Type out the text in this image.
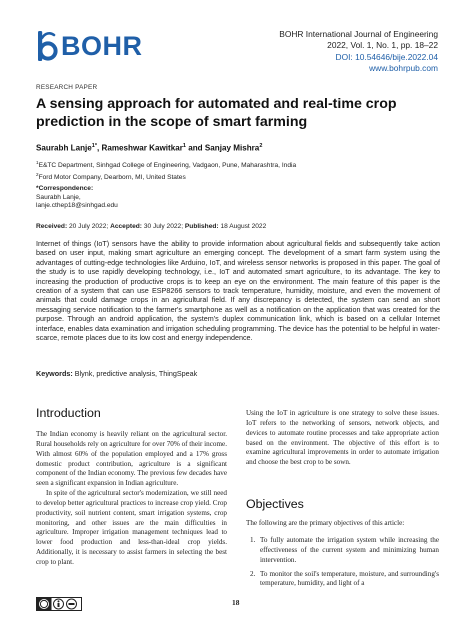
BOHR	BOHR International Journal of Engineering
2022, Vol. 1, No. 1, pp. 18–22
DOI: 10.54646/bije.2022.04
www.bohrpub.com
RESEARCH PAPER
A sensing approach for automated and real-time crop prediction in the scope of smart farming
Saurabh Lanje$^{1*}$, Rameshwar Kawitkar$^1$ and Sanjay Mishra$^2$
$^1$E&TC Department, Sinhgad College of Engineering, Vadgaon, Pune, Maharashtra, India
$^2$Ford Motor Company, Dearborn, MI, United States
*Correspondence:
Saurabh Lanje,
lanje.cthep18@sinhgad.edu
Received: 20 July 2022; Accepted: 30 July 2022; Published: 18 August 2022

Internet of things (IoT) sensors have the ability to provide information about agricultural fields and subsequently take action based on user input, making smart agriculture an emerging concept. The development of a smart farm system using the advantages of cutting-edge technologies like Arduino, IoT, and wireless sensor networks is proposed in this paper. The goal of the study is to use rapidly developing technology, i.e., IoT and automated smart agriculture, to its advantage. The key to increasing the production of productive crops is to keep an eye on the environment. The main feature of this paper is the creation of a system that can use ESP8266 sensors to track temperature, humidity, moisture, and even the movement of animals that could damage crops in an agricultural field. If any discrepancy is detected, the system can send an short messaging service notification to the farmer's smartphone as well as a notification on the application that was created for the purpose. Through an android application, the system's duplex communication link, which is based on a cellular Internet interface, enables data examination and irrigation scheduling programming. The device has the potential to be helpful in water-scarce, remote places due to its low cost and energy independence.

Keywords: Blynk, predictive analysis, ThingSpeak
Introduction

The Indian economy is heavily reliant on the agricultural sector. Rural households rely on agriculture for over 70% of their income. With almost 60% of the population employed and a 17% gross domestic product contribution, agriculture is a significant component of the Indian economy. The previous few decades have seen a significant expansion in Indian agriculture.

In spite of the agricultural sector's modernization, we still need to develop better agricultural practices to increase crop yield. Crop productivity, soil nutrient content, smart irrigation systems, crop monitoring, and other issues are the main difficulties in agriculture. Improper irrigation management techniques lead to lower food production and less-than-ideal crop yields. Additionally, it is necessary to assist farmers in selecting the best crop to plant.

Using the IoT in agriculture is one strategy to solve these issues. IoT refers to the networking of sensors, network objects, and devices to automate routine processes and take appropriate action based on the environment. The objective of this effort is to examine agricultural improvements in order to automate irrigation and choose the best crop to be sown.

Objectives

The following are the primary objectives of this article:

1. To fully automate the irrigation system while increasing the effectiveness of the current system and minimizing human intervention.
2. To monitor the soil's temperature, moisture, and surrounding's temperature, humidity, and light of a
18
